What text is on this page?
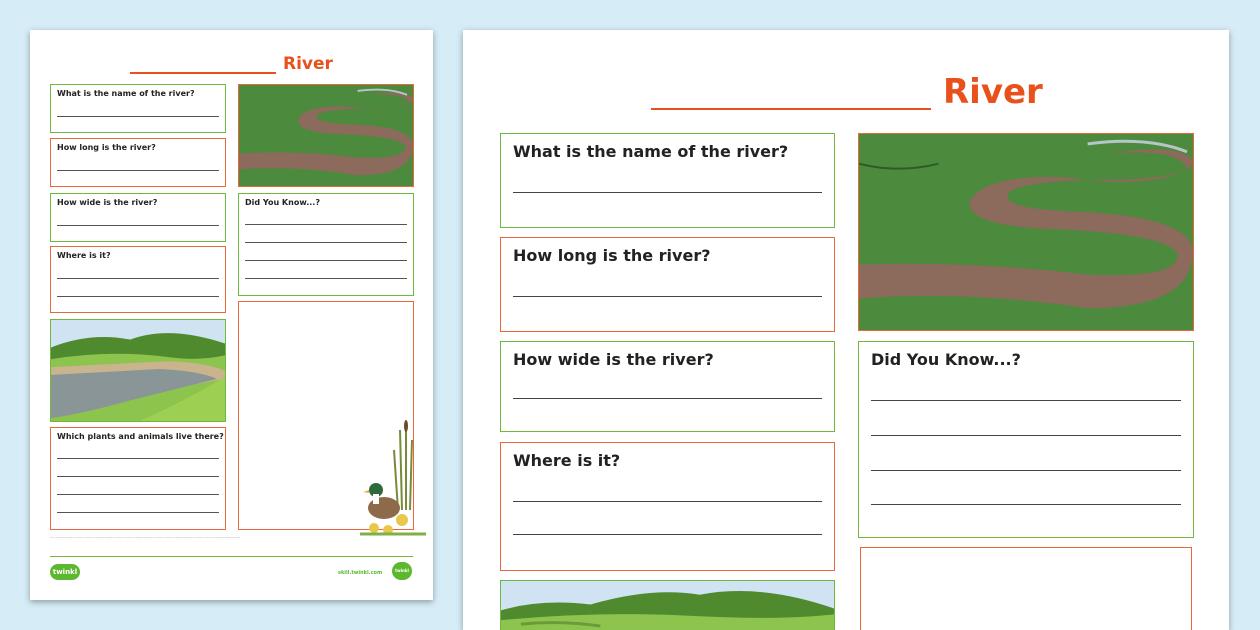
River
What is the name of the river?
How long is the river?
How wide is the river?
Where is it?
Which plants and animals live there?
Did You Know...?
···········································································································································································
twinkl	skill.twinkl.com	twinkl
River
What is the name of the river?
How long is the river?
How wide is the river?
Where is it?
Did You Know...?
